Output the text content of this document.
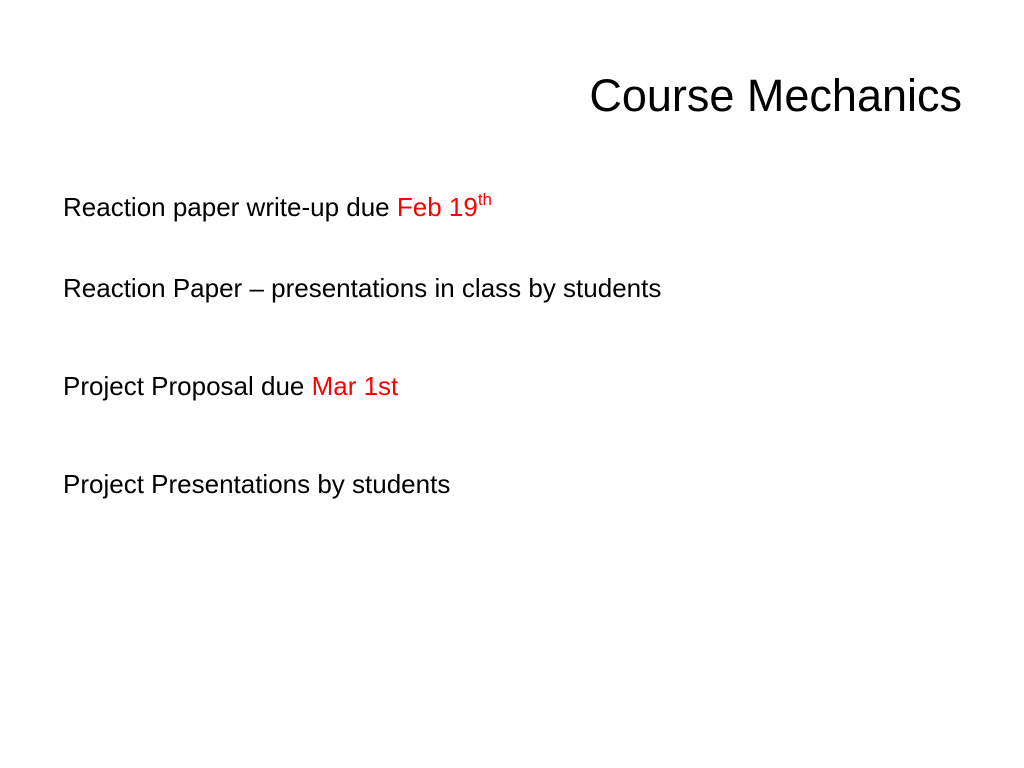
Course Mechanics
Reaction paper write-up due Feb 19th
Reaction Paper – presentations in class by students
Project Proposal due Mar 1st
Project Presentations by students
